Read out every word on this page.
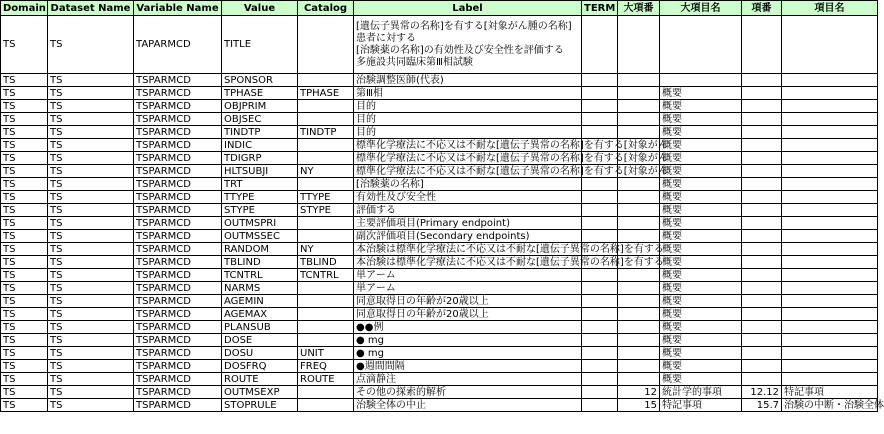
Domain	Dataset Name	Variable Name	Value	Catalog	Label	TERM	大項番	大項目名	項番	項目名
TS	TS	TAPARMCD	TITLE		[遺伝子異常の名称]を有する[対象がん腫の名称]
患者に対する
[治験薬の名称]の有効性及び安全性を評価する
多施設共同臨床第Ⅲ相試験					

TS	TS	TSPARMCD	SPONSOR		治験調整医師(代表)					
TS	TS	TSPARMCD	TPHASE	TPHASE	第Ⅲ相			概要		
TS	TS	TSPARMCD	OBJPRIM		目的			概要		
TS	TS	TSPARMCD	OBJSEC		目的			概要		
TS	TS	TSPARMCD	TINDTP	TINDTP	目的			概要		
TS	TS	TSPARMCD	INDIC		標準化学療法に不応又は不耐な[遺伝子異常の名称]を有する[対象がん			概要		
TS	TS	TSPARMCD	TDIGRP		標準化学療法に不応又は不耐な[遺伝子異常の名称]を有する[対象がん			概要		
TS	TS	TSPARMCD	HLTSUBJI	NY	標準化学療法に不応又は不耐な[遺伝子異常の名称]を有する[対象がん			概要		
TS	TS	TSPARMCD	TRT		[治験薬の名称]			概要		
TS	TS	TSPARMCD	TTYPE	TTYPE	有効性及び安全性			概要		
TS	TS	TSPARMCD	STYPE	STYPE	評価する			概要		
TS	TS	TSPARMCD	OUTMSPRI		主要評価項目(Primary endpoint)			概要		
TS	TS	TSPARMCD	OUTMSSEC		副次評価項目(Secondary endpoints)			概要		
TS	TS	TSPARMCD	RANDOM	NY	本治験は標準化学療法に不応又は不耐な[遺伝子異常の名称]を有する			概要		
TS	TS	TSPARMCD	TBLIND	TBLIND	本治験は標準化学療法に不応又は不耐な[遺伝子異常の名称]を有する			概要		
TS	TS	TSPARMCD	TCNTRL	TCNTRL	単アーム			概要		
TS	TS	TSPARMCD	NARMS		単アーム			概要		
TS	TS	TSPARMCD	AGEMIN		同意取得日の年齢が20歳以上			概要		
TS	TS	TSPARMCD	AGEMAX		同意取得日の年齢が20歳以上			概要		
TS	TS	TSPARMCD	PLANSUB		●●例			概要		
TS	TS	TSPARMCD	DOSE		● mg			概要		
TS	TS	TSPARMCD	DOSU	UNIT	● mg			概要		
TS	TS	TSPARMCD	DOSFRQ	FREQ	●週間間隔			概要		
TS	TS	TSPARMCD	ROUTE	ROUTE	点滴静注			概要		
TS	TS	TSPARMCD	OUTMSEXP		その他の探索的解析		12	統計学的事項	12.12	特記事項
TS	TS	TSPARMCD	STOPRULE		治験全体の中止		15	特記事項	15.7	治験の中断・治験全体
